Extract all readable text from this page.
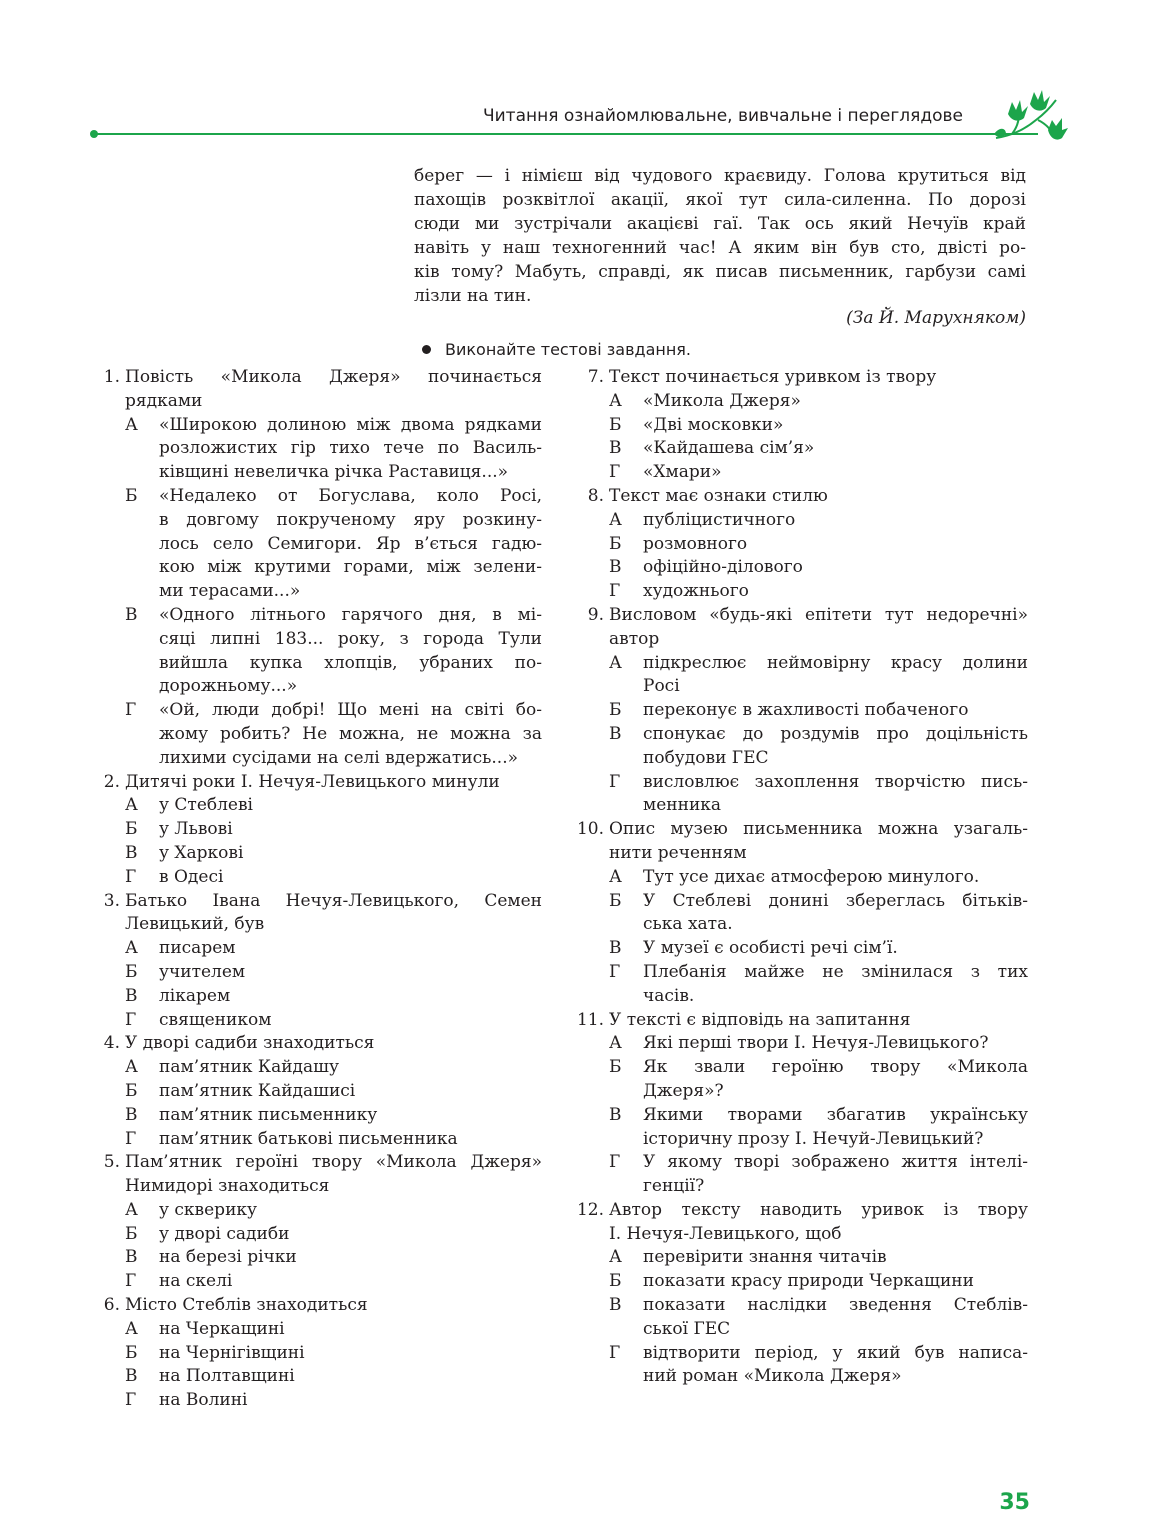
Читання ознайомлювальне, вивчальне і переглядове
берег — і німієш від чудового краєвиду. Голова крутиться від
пахощів розквітлої акації, якої тут сила-силенна. По дорозі
сюди ми зустрічали акацієві гаї. Так ось який Нечуїв край
навіть у наш техногенний час! А яким він був сто, двісті ро-
ків тому? Мабуть, справді, як писав письменник, гарбузи самі
лізли на тин.
(За Й. Марухняком)
Виконайте тестові завдання.
1. Повість «Микола Джеря» починається
рядками
А	«Широкою долиною між двома рядками
розложистих гір тихо тече по Василь-
ківщині невеличка річка Раставиця...»
Б	«Недалеко от Богуслава, коло Росі,
в довгому покрученому яру розкину-
лось село Семигори. Яр в’ється гадю-
кою між крутими горами, між зелени-
ми терасами...»
В	«Одного літнього гарячого дня, в мі-
сяці липні 183... року, з города Тули
вийшла купка хлопців, убраних по-
дорожньому...»
Г	«Ой, люди добрі! Що мені на світі бо-
жому робить? Не можна, не можна за
лихими сусідами на селі вдержатись...»
2. Дитячі роки І. Нечуя-Левицького минули
А	у Стеблеві
Б	у Львові
В	у Харкові
Г	в Одесі
3. Батько Івана Нечуя-Левицького, Семен
Левицький, був
А	писарем
Б	учителем
В	лікарем
Г	священиком
4. У дворі садиби знаходиться
А	пам’ятник Кайдашу
Б	пам’ятник Кайдашисі
В	пам’ятник письменнику
Г	пам’ятник батькові письменника
5. Пам’ятник героїні твору «Микола Джеря»
Нимидорі знаходиться
А	у скверику
Б	у дворі садиби
В	на березі річки
Г	на скелі
6. Місто Стеблів знаходиться
А	на Черкащині
Б	на Чернігівщині
В	на Полтавщині
Г	на Волині
7. Текст починається уривком із твору
А	«Микола Джеря»
Б	«Дві московки»
В	«Кайдашева сім’я»
Г	«Хмари»
8. Текст має ознаки стилю
А	публіцистичного
Б	розмовного
В	офіційно-ділового
Г	художнього
9. Висловом «будь-які епітети тут недоречні»
автор
А	підкреслює неймовірну красу долини
Росі
Б	переконує в жахливості побаченого
В	спонукає до роздумів про доцільність
побудови ГЕС
Г	висловлює захоплення творчістю пись-
менника
10. Опис музею письменника можна узагаль-
нити реченням
А	Тут усе дихає атмосферою минулого.
Б	У Стеблеві донині збереглась бітьків-
ська хата.
В	У музеї є особисті речі сім’ї.
Г	Плебанія майже не змінилася з тих
часів.
11. У тексті є відповідь на запитання
А	Які перші твори І. Нечуя-Левицького?
Б	Як звали героїню твору «Микола
Джеря»?
В	Якими творами збагатив українську
історичну прозу І. Нечуй-Левицький?
Г	У якому творі зображено життя інтелі-
генції?
12. Автор тексту наводить уривок із твору
І. Нечуя-Левицького, щоб
А	перевірити знання читачів
Б	показати красу природи Черкащини
В	показати наслідки зведення Стеблів-
ської ГЕС
Г	відтворити період, у який був написа-
ний роман «Микола Джеря»
35
